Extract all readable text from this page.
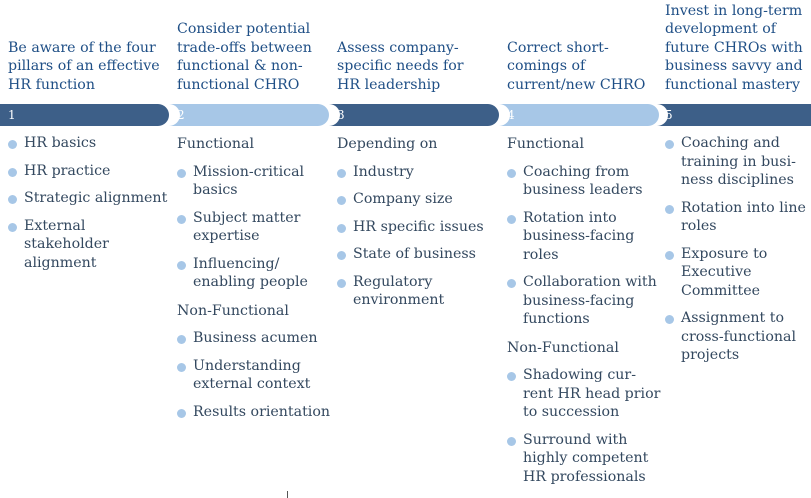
Be aware of the four pillars of an effective HR function
HR basics
HR practice
Strategic alignment
External stakeholder alignment
Consider potential trade-offs between functional & non-functional CHRO
Functional
Mission-critical basics
Subject matter expertise
Influencing/ enabling people
Non-Functional
Business acumen
Understanding external context
Results orientation
Assess company-specific needs for HR leadership
Depending on
Industry
Company size
HR specific issues
State of business
Regulatory environment
Correct short-comings of current/new CHRO
Functional
Coaching from business leaders
Rotation into business-facing roles
Collaboration with business-facing functions
Non-Functional
Shadowing cur-rent HR head prior to succession
Surround with highly competent HR professionals
Invest in long-term development of future CHROs with business savvy and functional mastery
Coaching and training in busi-ness disciplines
Rotation into line roles
Exposure to Executive Committee
Assignment to cross-functional projects
1	2	3	4	5
